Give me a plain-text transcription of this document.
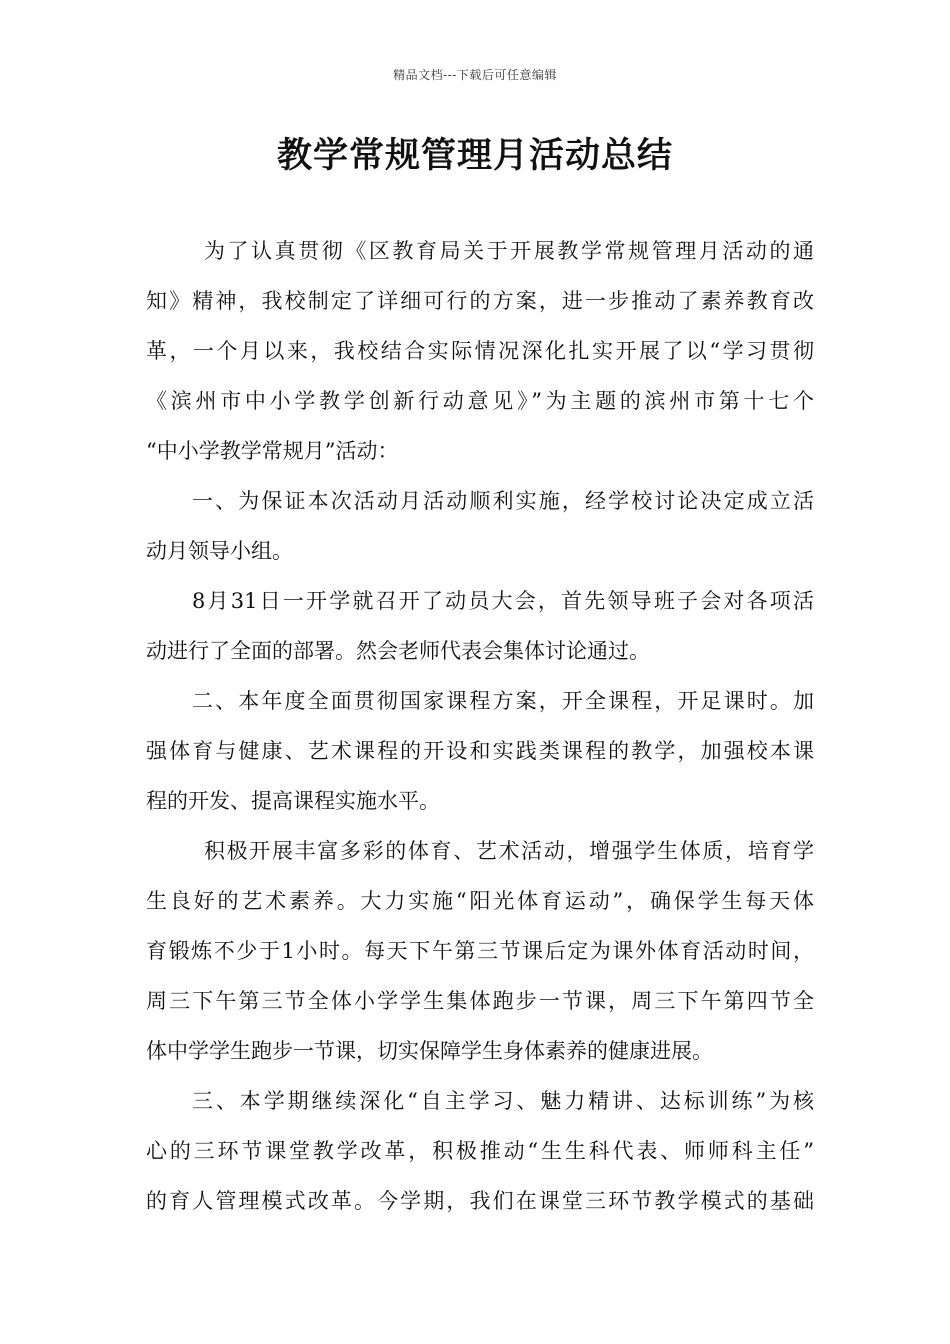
精品文档---下载后可任意编辑
教学常规管理月活动总结
为了认真贯彻《区教育局关于开展教学常规管理月活动的通
知》精神，我校制定了详细可行的方案，进一步推动了素养教育改
革，一个月以来，我校结合实际情况深化扎实开展了以“学习贯彻
《滨州市中小学教学创新行动意见》”为主题的滨州市第十七个
“中小学教学常规月”活动：
一、为保证本次活动月活动顺利实施，经学校讨论决定成立活
动月领导小组。
8月31日一开学就召开了动员大会，首先领导班子会对各项活
动进行了全面的部署。然会老师代表会集体讨论通过。
二、本年度全面贯彻国家课程方案，开全课程，开足课时。加
强体育与健康、艺术课程的开设和实践类课程的教学，加强校本课
程的开发、提高课程实施水平。
积极开展丰富多彩的体育、艺术活动，增强学生体质，培育学
生良好的艺术素养。大力实施“阳光体育运动”，确保学生每天体
育锻炼不少于1小时。每天下午第三节课后定为课外体育活动时间，
周三下午第三节全体小学学生集体跑步一节课，周三下午第四节全
体中学学生跑步一节课，切实保障学生身体素养的健康进展。
三、本学期继续深化“自主学习、魅力精讲、达标训练”为核
心的三环节课堂教学改革，积极推动“生生科代表、师师科主任”
的育人管理模式改革。今学期，我们在课堂三环节教学模式的基础
